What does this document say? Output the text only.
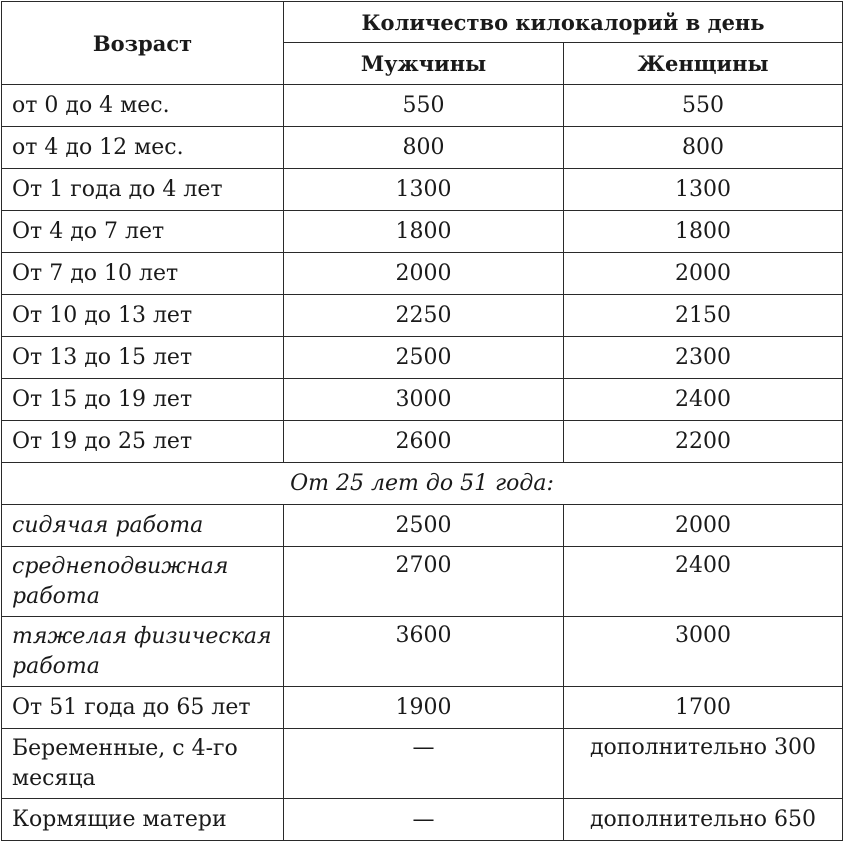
Возраст	Количество килокалорий в день	
	Мужчины	Женщины
от 0 до 4 мес.	550	550
от 4 до 12 мес.	800	800
От 1 года до 4 лет	1300	1300
От 4 до 7 лет	1800	1800
От 7 до 10 лет	2000	2000
От 10 до 13 лет	2250	2150
От 13 до 15 лет	2500	2300
От 15 до 19 лет	3000	2400
От 19 до 25 лет	2600	2200
От 25 лет до 51 года:		
сидячая работа	2500	2000
среднеподвижная работа	2700	2400
тяжелая физическая работа	3600	3000
От 51 года до 65 лет	1900	1700
Беременные, с 4-го месяца	—	дополнительно 300
Кормящие матери	—	дополнительно 650
